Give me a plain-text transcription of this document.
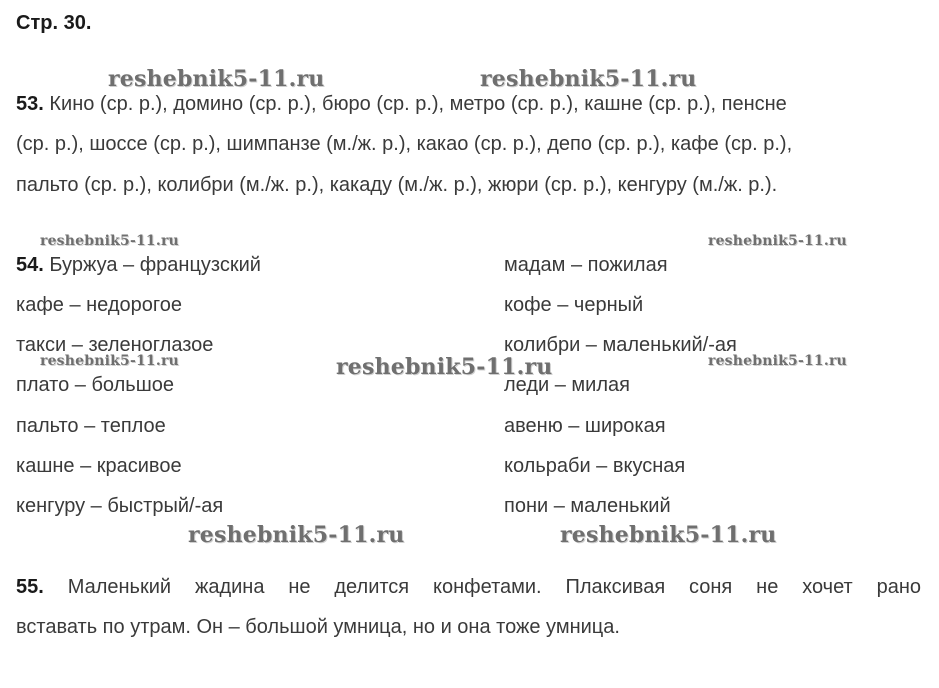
Стр. 30.
reshebnik5-11.ru	reshebnik5-11.ru
reshebnik5-11.ru	reshebnik5-11.ru
reshebnik5-11.ru	reshebnik5-11.ru	reshebnik5-11.ru
reshebnik5-11.ru	reshebnik5-11.ru
53. Кино (ср. р.), домино (ср. р.), бюро (ср. р.), метро (ср. р.), кашне (ср. р.), пенсне
(ср. р.), шоссе (ср. р.), шимпанзе (м./ж. р.), какао (ср. р.), депо (ср. р.), кафе (ср. р.),
пальто (ср. р.), колибри (м./ж. р.), какаду (м./ж. р.), жюри (ср. р.), кенгуру (м./ж. р.).
54. Буржуа – французский
кафе – недорогое
такси – зеленоглазое
плато – большое
пальто – теплое
кашне – красивое
кенгуру – быстрый/-ая
мадам – пожилая
кофе – черный
колибри – маленький/-ая
леди – милая
авеню – широкая
кольраби – вкусная
пони – маленький
55. Маленький жадина не делится конфетами. Плаксивая соня не хочет рано
вставать по утрам. Он – большой умница, но и она тоже умница.
